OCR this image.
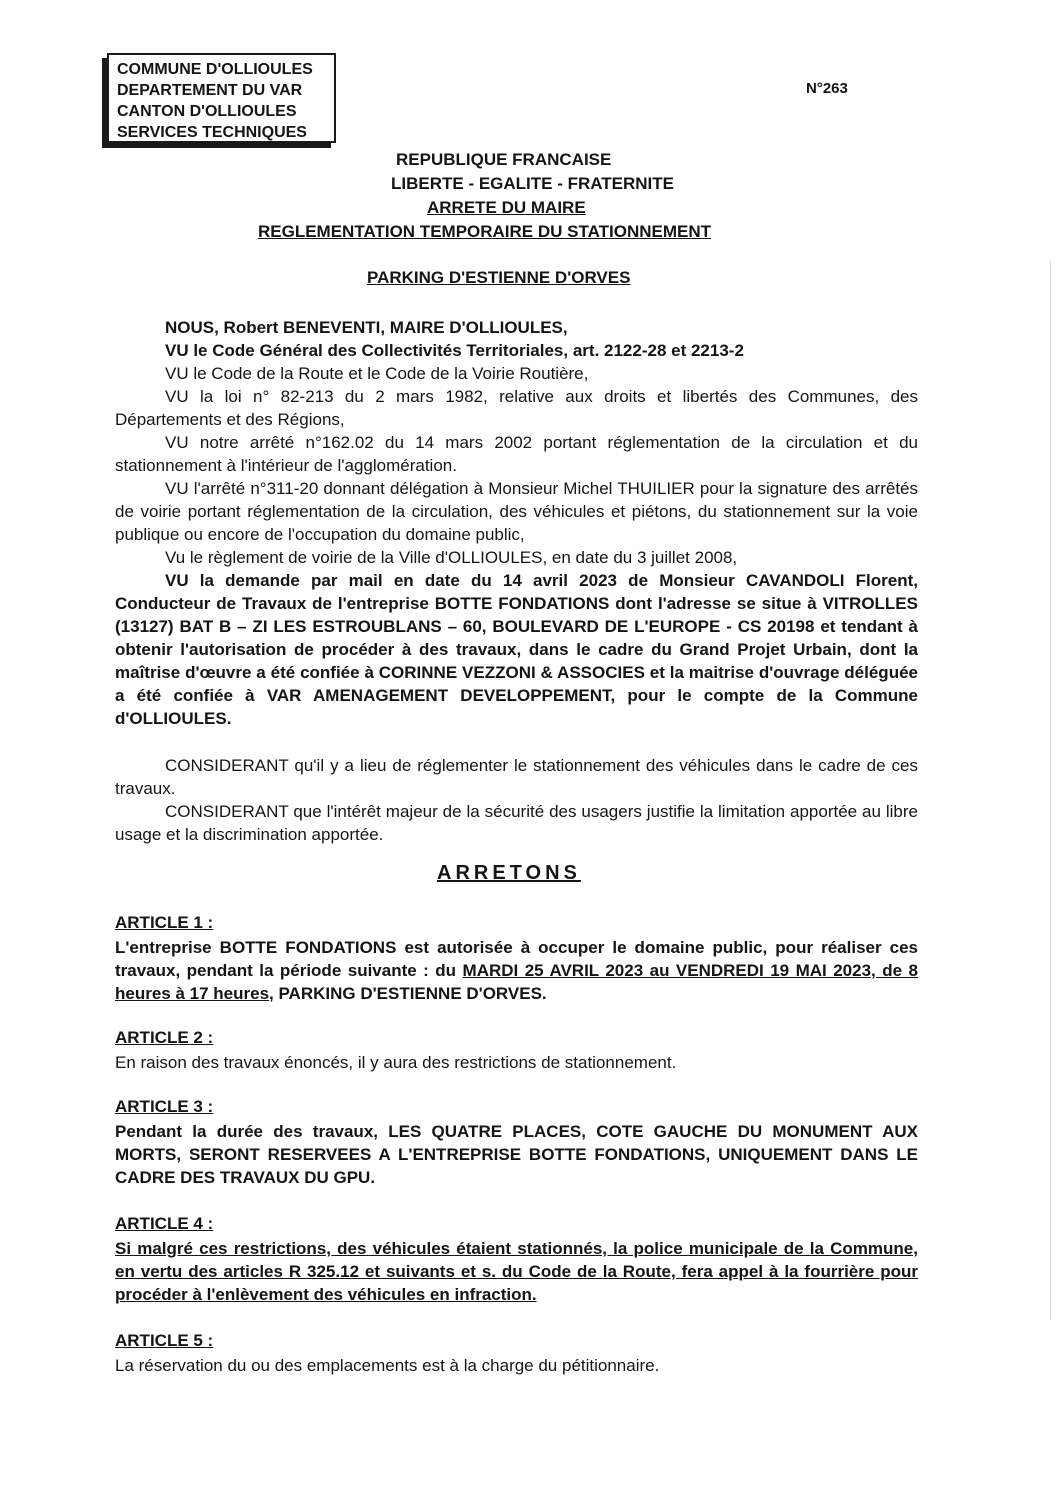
COMMUNE D'OLLIOULES
DEPARTEMENT DU VAR
CANTON D'OLLIOULES
SERVICES TECHNIQUES
N°263
REPUBLIQUE FRANCAISE
LIBERTE - EGALITE - FRATERNITE
ARRETE DU MAIRE
REGLEMENTATION TEMPORAIRE DU STATIONNEMENT
PARKING D'ESTIENNE D'ORVES
NOUS, Robert BENEVENTI, MAIRE D'OLLIOULES,
VU le Code Général des Collectivités Territoriales, art. 2122-28 et 2213-2
VU le Code de la Route et le Code de la Voirie Routière,
VU la loi n° 82-213 du 2 mars 1982, relative aux droits et libertés des Communes, des Départements et des Régions,
VU notre arrêté n°162.02 du 14 mars 2002 portant réglementation de la circulation et du stationnement à l'intérieur de l'agglomération.
VU l'arrêté n°311-20 donnant délégation à Monsieur Michel THUILIER pour la signature des arrêtés de voirie portant réglementation de la circulation, des véhicules et piétons, du stationnement sur la voie publique ou encore de l'occupation du domaine public,
Vu le règlement de voirie de la Ville d'OLLIOULES, en date du 3 juillet 2008,
VU la demande par mail en date du 14 avril 2023 de Monsieur CAVANDOLI Florent, Conducteur de Travaux de l'entreprise BOTTE FONDATIONS dont l'adresse se situe à VITROLLES (13127) BAT B – ZI LES ESTROUBLANS – 60, BOULEVARD DE L'EUROPE - CS 20198 et tendant à obtenir l'autorisation de procéder à des travaux, dans le cadre du Grand Projet Urbain, dont la maîtrise d'œuvre a été confiée à CORINNE VEZZONI & ASSOCIES et la maitrise d'ouvrage déléguée a été confiée à VAR AMENAGEMENT DEVELOPPEMENT, pour le compte de la Commune d'OLLIOULES.
CONSIDERANT qu'il y a lieu de réglementer le stationnement des véhicules dans le cadre de ces travaux.
CONSIDERANT que l'intérêt majeur de la sécurité des usagers justifie la limitation apportée au libre usage et la discrimination apportée.
ARRETONS
ARTICLE 1 :
L'entreprise BOTTE FONDATIONS est autorisée à occuper le domaine public, pour réaliser ces travaux, pendant la période suivante : du MARDI 25 AVRIL 2023 au VENDREDI 19 MAI 2023, de 8 heures à 17 heures, PARKING D'ESTIENNE D'ORVES.
ARTICLE 2 :
En raison des travaux énoncés, il y aura des restrictions de stationnement.
ARTICLE 3 :
Pendant la durée des travaux, LES QUATRE PLACES, COTE GAUCHE DU MONUMENT AUX MORTS, SERONT RESERVEES A L'ENTREPRISE BOTTE FONDATIONS, UNIQUEMENT DANS LE CADRE DES TRAVAUX DU GPU.
ARTICLE 4 :
Si malgré ces restrictions, des véhicules étaient stationnés, la police municipale de la Commune, en vertu des articles R 325.12 et suivants et s. du Code de la Route, fera appel à la fourrière pour procéder à l'enlèvement des véhicules en infraction.
ARTICLE 5 :
La réservation du ou des emplacements est à la charge du pétitionnaire.
